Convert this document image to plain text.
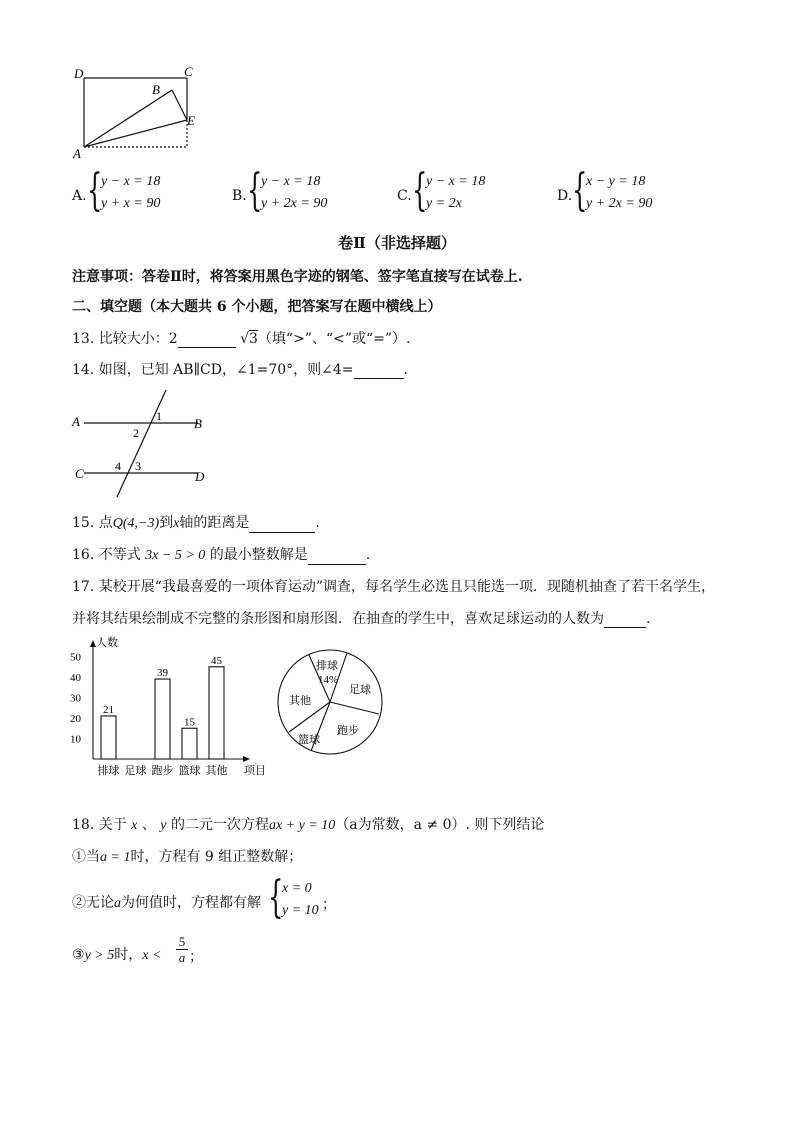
D	C
B
E
A
A. {
y − x = 18
y + x = 90	B. {
y − x = 18
y + 2x = 90	C. {
y − x = 18
y = 2x	D. {
x − y = 18
y + 2x = 90
卷Ⅱ（非选择题）
注意事项：答卷Ⅱ时，将答案用黑色字迹的钢笔、签字笔直接写在试卷上.
二、填空题（本大题共 6 个小题，把答案写在题中横线上）
13. 比较大小：2	√3（填“>”、“<”或“=”）.
14. 如图，已知 AB∥CD，∠1=70°，则∠4=	.
A	B
C	D
1
2
3
4
15. 点Q(4,−3)到x轴的距离是	.
16. 不等式 3x − 5 > 0 的最小整数解是	.
17. 某校开展“我最喜爱的一项体育运动”调查，每名学生必选且只能选一项．现随机抽查了若干名学生，
并将其结果绘制成不完整的条形图和扇形图．在抽查的学生中，喜欢足球运动的人数为	.
人数
项目
10
20
30
40
50
21
排球 足球
39
跑步
15
篮球
45
其他
排球
14%
足球
跑步
篮球
其他
18. 关于 x 、 y 的二元一次方程ax + y = 10（a为常数，a ≠ 0）. 则下列结论
①当a = 1时，方程有 9 组正整数解；
②无论a为何值时，方程都有解 {
x = 0
y = 10 ；
③y > 5时，x <
5
a ；
